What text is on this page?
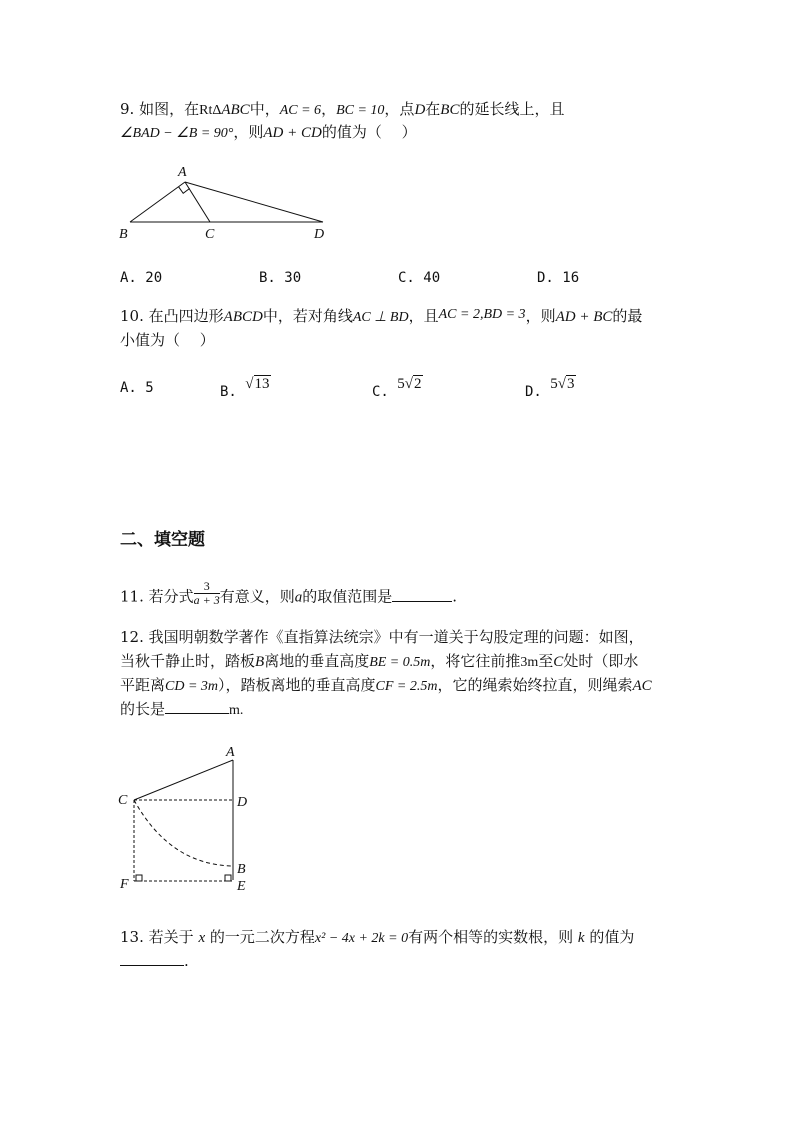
9. 如图，在RtΔABC中，AC = 6，BC = 10，点D在BC的延长线上，且
∠BAD − ∠B = 90°，则AD + CD的值为（　 ）
A
B	C	D
A. 20	B. 30	C. 40	D. 16
10. 在凸四边形ABCD中，若对角线AC ⊥ BD，且AC = 2,BD = 3，则AD + BC的最
小值为（　 ）
A. 5	B. √13	C. 5√2	D. 5√3
二、填空题
11. 若分式 $\frac{3}{a + 3}$ 有意义，则a的取值范围是	.
12. 我国明朝数学著作《直指算法统宗》中有一道关于勾股定理的问题：如图，
当秋千静止时，踏板B离地的垂直高度BE = 0.5m，将它往前推3m至C处时（即水
平距离CD = 3m），踏板离地的垂直高度CF = 2.5m，它的绳索始终拉直，则绳索AC
的长是	m.
A
C	D
B
F	E
13. 若关于 x 的一元二次方程x² − 4x + 2k = 0有两个相等的实数根，则 k 的值为
.
